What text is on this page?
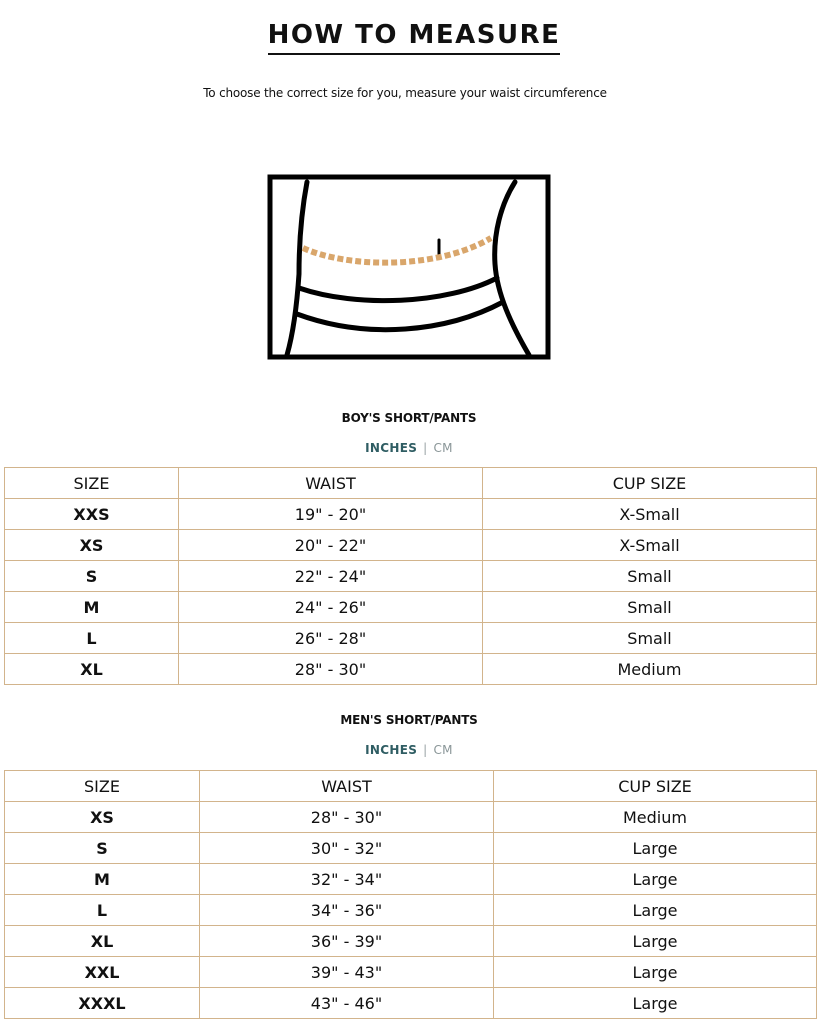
HOW TO MEASURE
To choose the correct size for you, measure your waist circumference
BOY'S SHORT/PANTS
INCHES | CM
SIZE	WAIST	CUP SIZE
XXS	19" - 20"	X-Small
XS	20" - 22"	X-Small
S	22" - 24"	Small
M	24" - 26"	Small
L	26" - 28"	Small
XL	28" - 30"	Medium
MEN'S SHORT/PANTS
INCHES | CM
SIZE	WAIST	CUP SIZE
XS	28" - 30"	Medium
S	30" - 32"	Large
M	32" - 34"	Large
L	34" - 36"	Large
XL	36" - 39"	Large
XXL	39" - 43"	Large
XXXL	43" - 46"	Large
